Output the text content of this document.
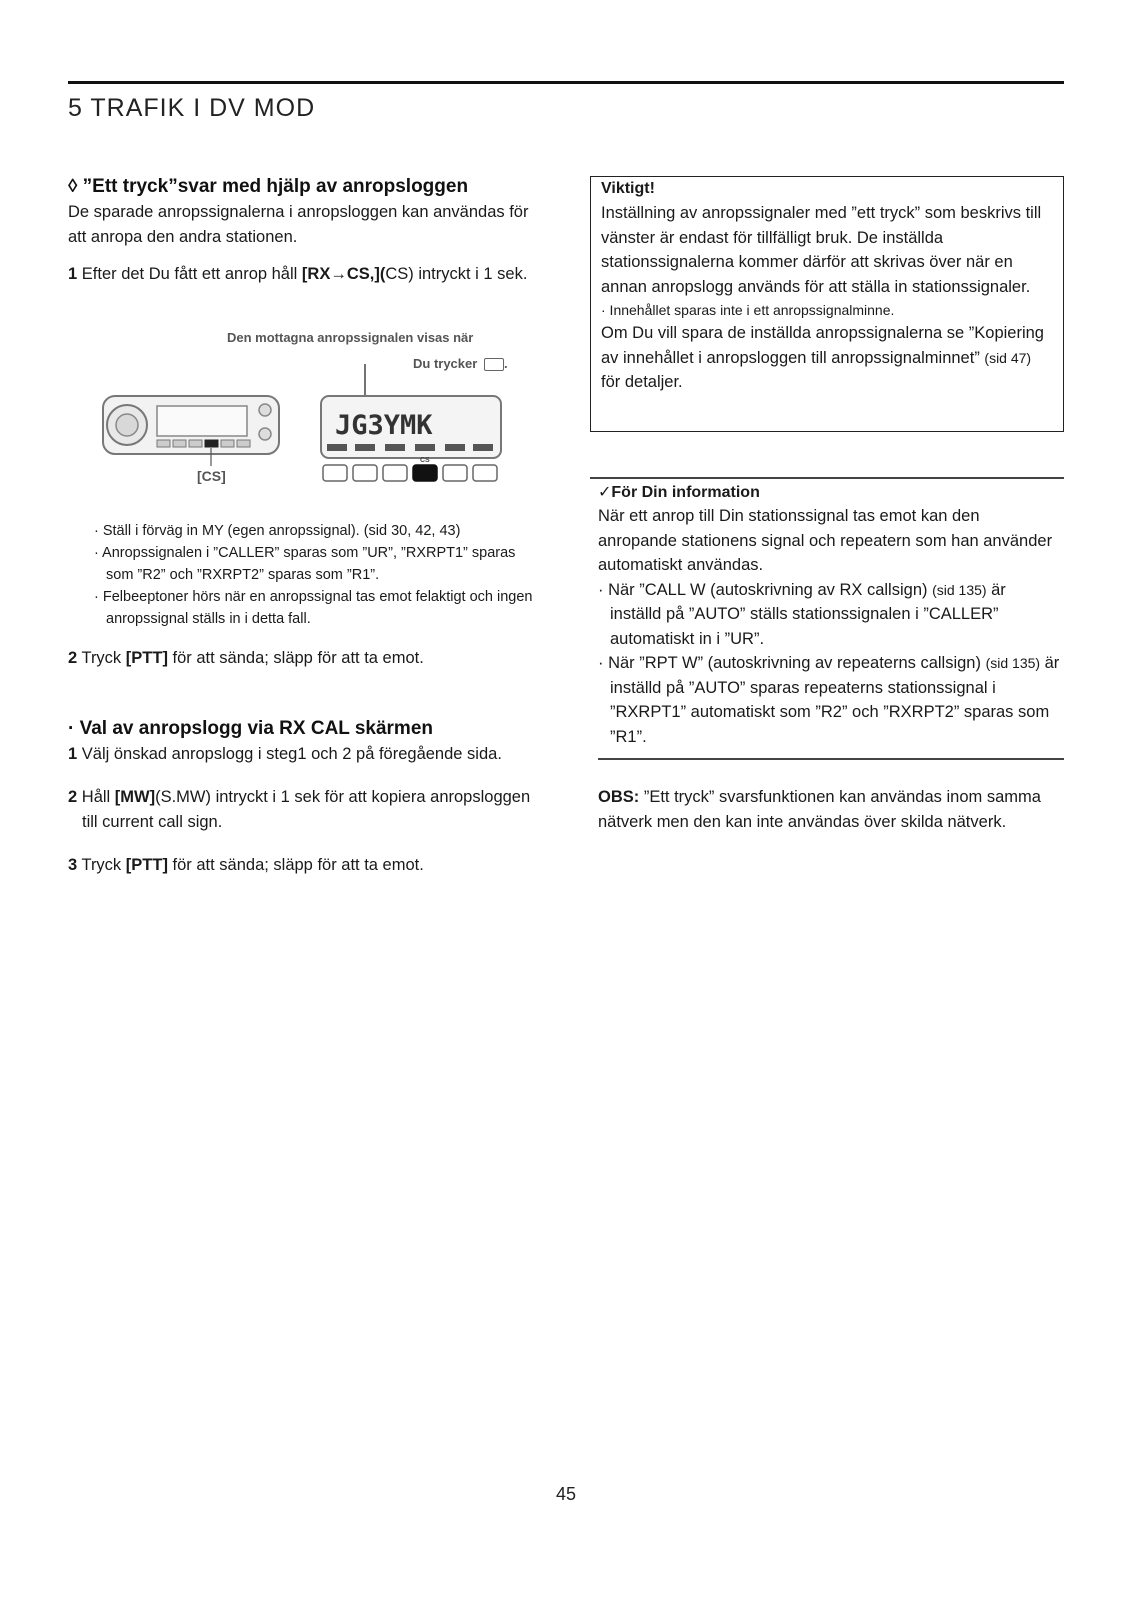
5 TRAFIK I DV MOD

◊ ”Ett tryck”svar med hjälp av anropsloggen

De sparade anropssignalerna i anropsloggen kan användas för att anropa den andra stationen.

1 Efter det Du fått ett anrop håll [RX→CS,](CS) intryckt i 1 sek.

Den mottagna anropssignalen visas när
Du trycker .
JG3YMK
CS
[CS]

· Ställ i förväg in MY (egen anropssignal). (sid 30, 42, 43)

· Anropssignalen i ”CALLER” sparas som ”UR”, ”RXRPT1” sparas som ”R2” och ”RXRPT2” sparas som ”R1”.

· Felbeeptoner hörs när en anropssignal tas emot felaktigt och ingen anropssignal ställs in i detta fall.

2 Tryck [PTT] för att sända; släpp för att ta emot.

· Val av anropslogg via RX CAL skärmen

1 Välj önskad anropslogg i steg1 och 2 på föregående sida.

2 Håll [MW](S.MW) intryckt i 1 sek för att kopiera anropsloggen till current call sign.

3 Tryck [PTT] för att sända; släpp för att ta emot.

Viktigt!

Inställning av anropssignaler med ”ett tryck” som beskrivs till vänster är endast för tillfälligt bruk. De inställda stationssignalerna kommer därför att skrivas över när en annan anropslogg används för att ställa in stationssignaler.

· Innehållet sparas inte i ett anropssignalminne.

Om Du vill spara de inställda anropssignalerna se ”Kopiering av innehållet i anropsloggen till anropssignalminnet” (sid 47) för detaljer.

✓För Din information

När ett anrop till Din stationssignal tas emot kan den anropande stationens signal och repeatern som han använder automatiskt användas.

· När ”CALL W (autoskrivning av RX callsign) (sid 135) är inställd på ”AUTO” ställs stationssignalen i ”CALLER” automatiskt in i ”UR”.

· När ”RPT W” (autoskrivning av repeaterns callsign) (sid 135) är inställd på ”AUTO” sparas repeaterns stationssignal i ”RXRPT1” automatiskt som ”R2” och ”RXRPT2” sparas som ”R1”.

OBS: ”Ett tryck” svarsfunktionen kan användas inom samma nätverk men den kan inte användas över skilda nätverk.

45
